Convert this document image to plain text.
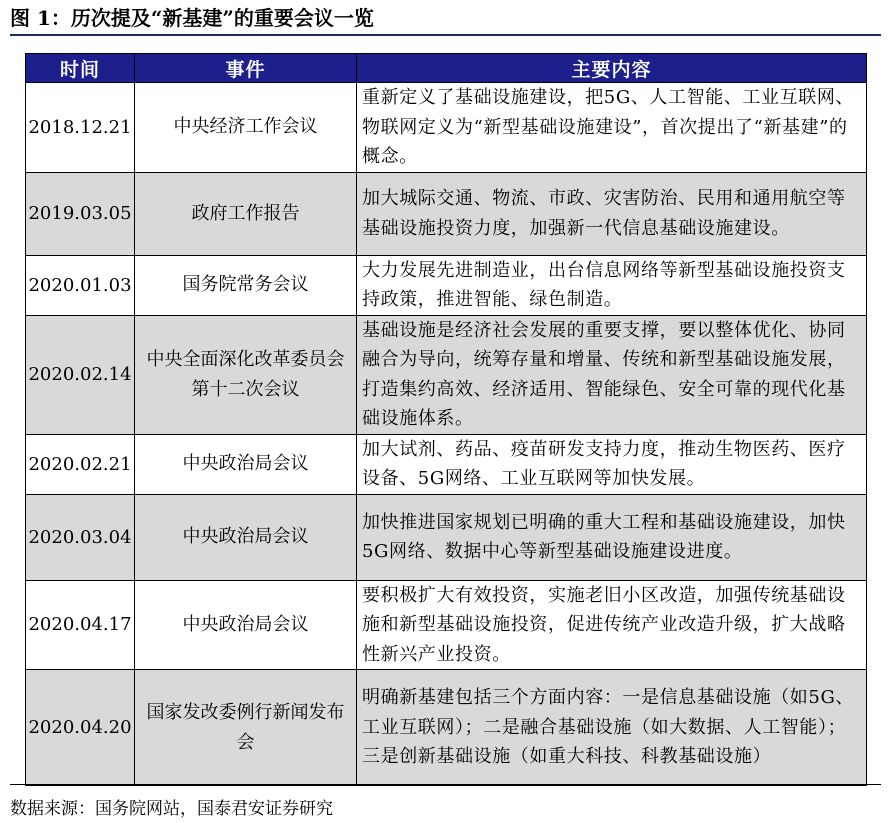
图 1：历次提及“新基建”的重要会议一览
时间	事件	主要内容
2018.12.21	中央经济工作会议	重新定义了基础设施建设，把5G、人工智能、工业互联网、物联网定义为“新型基础设施建设”，首次提出了“新基建”的概念。
2019.03.05	政府工作报告	加大城际交通、物流、市政、灾害防治、民用和通用航空等基础设施投资力度，加强新一代信息基础设施建设。
2020.01.03	国务院常务会议	大力发展先进制造业，出台信息网络等新型基础设施投资支持政策，推进智能、绿色制造。
2020.02.14	中央全面深化改革委员会第十二次会议	基础设施是经济社会发展的重要支撑，要以整体优化、协同融合为导向，统筹存量和增量、传统和新型基础设施发展，打造集约高效、经济适用、智能绿色、安全可靠的现代化基础设施体系。
2020.02.21	中央政治局会议	加大试剂、药品、疫苗研发支持力度，推动生物医药、医疗设备、5G网络、工业互联网等加快发展。
2020.03.04	中央政治局会议	加快推进国家规划已明确的重大工程和基础设施建设，加快5G网络、数据中心等新型基础设施建设进度。
2020.04.17	中央政治局会议	要积极扩大有效投资，实施老旧小区改造，加强传统基础设施和新型基础设施投资，促进传统产业改造升级，扩大战略性新兴产业投资。
2020.04.20	国家发改委例行新闻发布会	明确新基建包括三个方面内容：一是信息基础设施（如5G、工业互联网）；二是融合基础设施（如大数据、人工智能）；三是创新基础设施（如重大科技、科教基础设施）
数据来源：国务院网站，国泰君安证券研究
